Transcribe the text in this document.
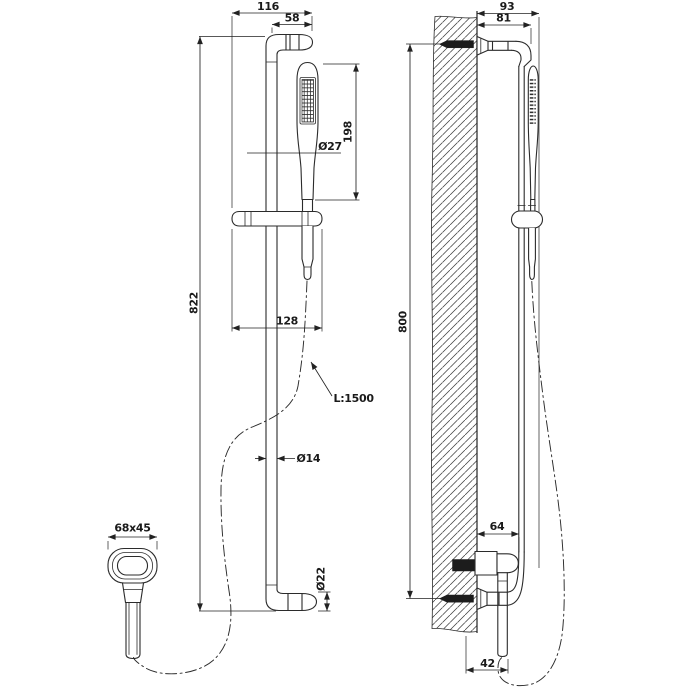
116
58
198
Ø27
822
128
L:1500
Ø14
Ø22
68x45
93
81
800
64
42
